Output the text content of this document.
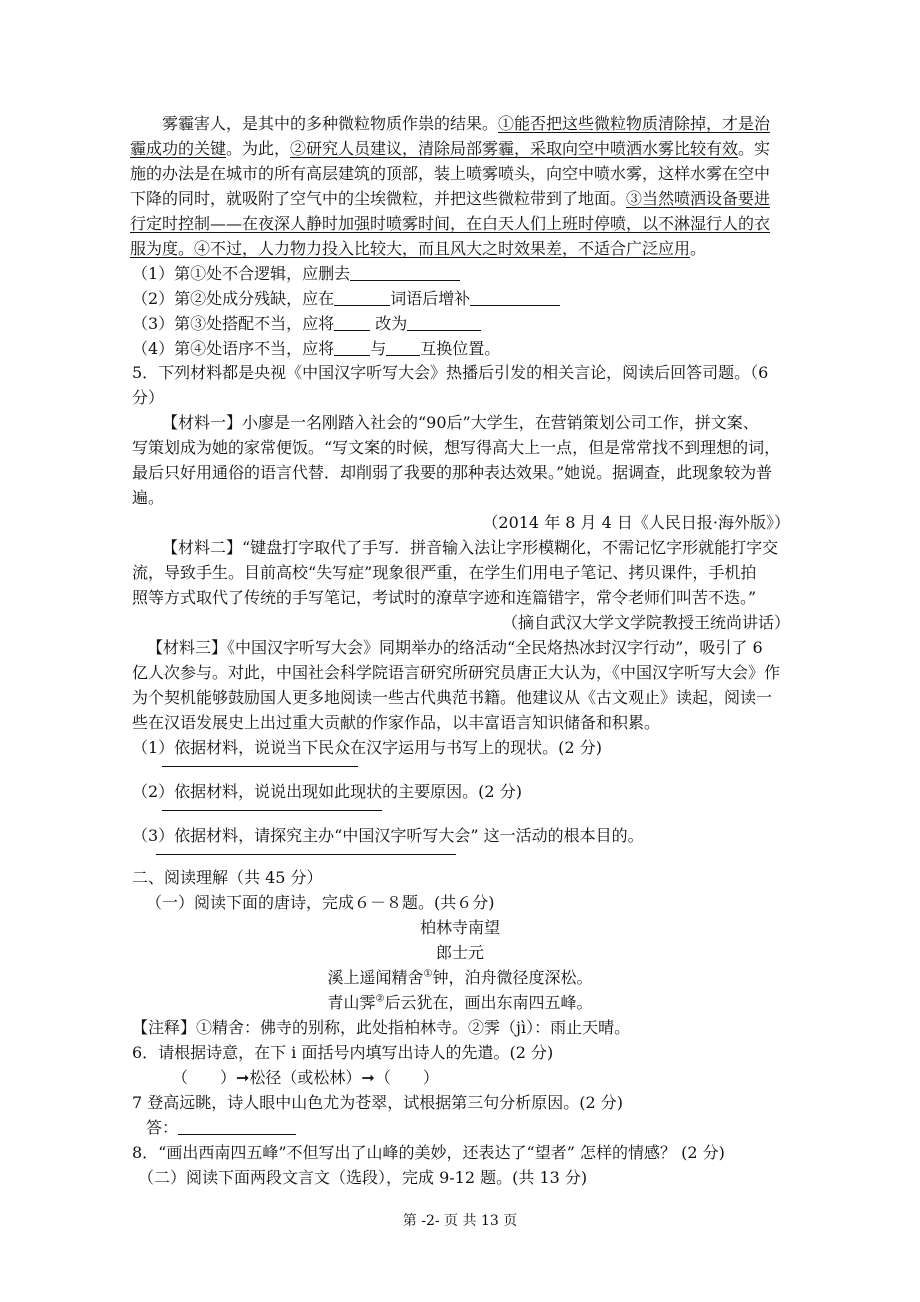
雾霾害人，是其中的多种微粒物质作祟的结果。①能否把这些微粒物质清除掉，才是治
霾成功的关键。为此，②研究人员建议，清除局部雾霾，采取向空中喷洒水雾比较有效。实
施的办法是在城市的所有高层建筑的顶部，装上喷雾喷头，向空中喷水雾，这样水雾在空中
下降的同时，就吸附了空气中的尘埃微粒，并把这些微粒带到了地面。③当然喷洒设备要进
行定时控制——在夜深人静时加强时喷雾时间，在白天人们上班时停喷，以不淋湿行人的衣
服为度。④不过，人力物力投入比较大，而且风大之时效果差，不适合广泛应用。
（1）第①处不合逻辑，应删去
（2）第②处成分残缺，应在	词语后增补
（3）第③处搭配不当，应将 改为
（4）第④处语序不当，应将 与 互换位置。
5．下列材料都是央视《中国汉字听写大会》热播后引发的相关言论，阅读后回答司题。（6
分）
【材料一】小廖是一名刚踏入社会的“90后”大学生，在营销策划公司工作，拼文案、
写策划成为她的家常便饭。“写文案的时候，想写得高大上一点，但是常常找不到理想的词，
最后只好用通俗的语言代替．却削弱了我要的那种表达效果。”她说。据调查，此现象较为普
遍。
（2014 年 8 月 4 日《人民日报·海外版》）
【材料二】“键盘打字取代了手写．拼音输入法让字形模糊化，不需记忆字形就能打字交
流，导致手生。目前高校“失写症”现象很严重，在学生们用电子笔记、拷贝课件，手机拍
照等方式取代了传统的手写笔记，考试时的潦草字迹和连篇错字，常令老师们叫苦不迭。”
（摘自武汉大学文学院教授王统尚讲话）
【材料三】《中国汉字听写大会》同期举办的络活动“全民烙热冰封汉字行动”，吸引了 6
亿人次参与。对此，中国社会科学院语言研究所研究员唐正大认为，《中国汉字听写大会》作
为个契机能够鼓励国人更多地阅读一些古代典范书籍。他建议从《古文观止》读起，阅读一
些在汉语发展史上出过重大贡献的作家作品，以丰富语言知识储备和积累。
（1）依据材料，说说当下民众在汉字运用与书写上的现状。(2 分)
（2）依据材料，说说出现如此现状的主要原因。(2 分)
（3）依据材料，请探究主办“中国汉字听写大会” 这一活动的根本目的。
二、阅读理解（共 45 分）
（一）阅读下面的唐诗，完成６－８题。(共６分)
柏林寺南望
郎士元
溪上遥闻精舍①钟，泊舟微径度深松。
青山霁②后云犹在，画出东南四五峰。
【注释】①精舍：佛寺的别称，此处指柏林寺。②霁（jì）：雨止天晴。
6．请根据诗意，在下 i 面括号内填写出诗人的先遣。(2 分)
（　　）➞松径（或松林）➞（　　）
7 登高远眺，诗人眼中山色尤为苍翠，试根据第三句分析原因。(2 分)
答：
8．“画出西南四五峰”不但写出了山峰的美妙，还表达了“望者” 怎样的情感？ (2 分)
（二）阅读下面两段文言文（选段），完成 9-12 题。(共 13 分)
第 -2- 页 共 13 页
